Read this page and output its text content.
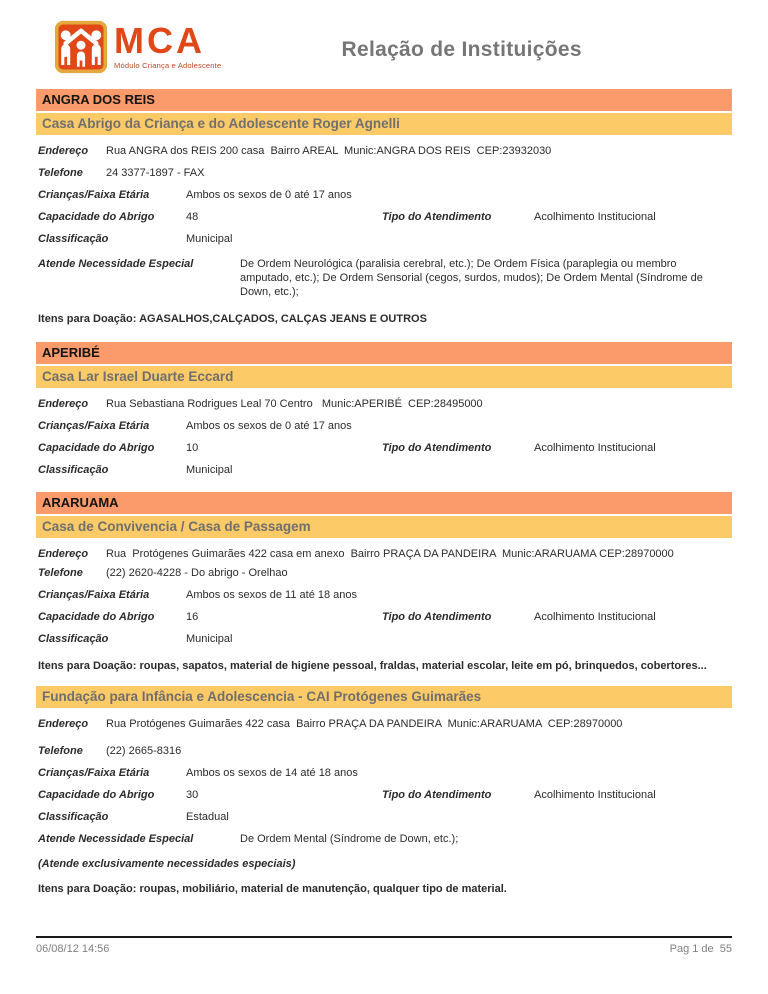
MCA
Módulo Criança e Adolescente
Relação de Instituições
ANGRA DOS REIS
Casa Abrigo da Criança e do Adolescente Roger Agnelli
Endereço	Rua ANGRA dos REIS 200 casa  Bairro AREAL  Munic:ANGRA DOS REIS  CEP:23932030
Telefone	24 3377-1897 - FAX
Crianças/Faixa Etária	Ambos os sexos de 0 até 17 anos
Capacidade do Abrigo	48	Tipo do Atendimento	Acolhimento Institucional
Classificação	Municipal
Atende Necessidade Especial	De Ordem Neurológica (paralisia cerebral, etc.); De Ordem Física (paraplegia ou membro amputado, etc.); De Ordem Sensorial (cegos, surdos, mudos); De Ordem Mental (Síndrome de Down, etc.);
Itens para Doação: AGASALHOS,CALÇADOS, CALÇAS JEANS E OUTROS
APERIBÉ
Casa Lar Israel Duarte Eccard
Endereço	Rua Sebastiana Rodrigues Leal 70 Centro   Munic:APERIBÉ  CEP:28495000
Crianças/Faixa Etária	Ambos os sexos de 0 até 17 anos
Capacidade do Abrigo	10	Tipo do Atendimento	Acolhimento Institucional
Classificação	Municipal
ARARUAMA
Casa de Convivencia / Casa de Passagem
Endereço	Rua  Protógenes Guimarães 422 casa em anexo  Bairro PRAÇA DA PANDEIRA  Munic:ARARUAMA CEP:28970000
Telefone	(22) 2620-4228 - Do abrigo - Orelhao
Crianças/Faixa Etária	Ambos os sexos de 11 até 18 anos
Capacidade do Abrigo	16	Tipo do Atendimento	Acolhimento Institucional
Classificação	Municipal
Itens para Doação: roupas, sapatos, material de higiene pessoal, fraldas, material escolar, leite em pó, brinquedos, cobertores...
Fundação para Infância e Adolescencia - CAI Protógenes Guimarães
Endereço	Rua Protógenes Guimarães 422 casa  Bairro PRAÇA DA PANDEIRA  Munic:ARARUAMA  CEP:28970000
Telefone	(22) 2665-8316
Crianças/Faixa Etária	Ambos os sexos de 14 até 18 anos
Capacidade do Abrigo	30	Tipo do Atendimento	Acolhimento Institucional
Classificação	Estadual
Atende Necessidade Especial	De Ordem Mental (Síndrome de Down, etc.);
(Atende exclusivamente necessidades especiais)
Itens para Doação: roupas, mobiliário, material de manutenção, qualquer tipo de material.
06/08/12 14:56	Pag 1 de  55
